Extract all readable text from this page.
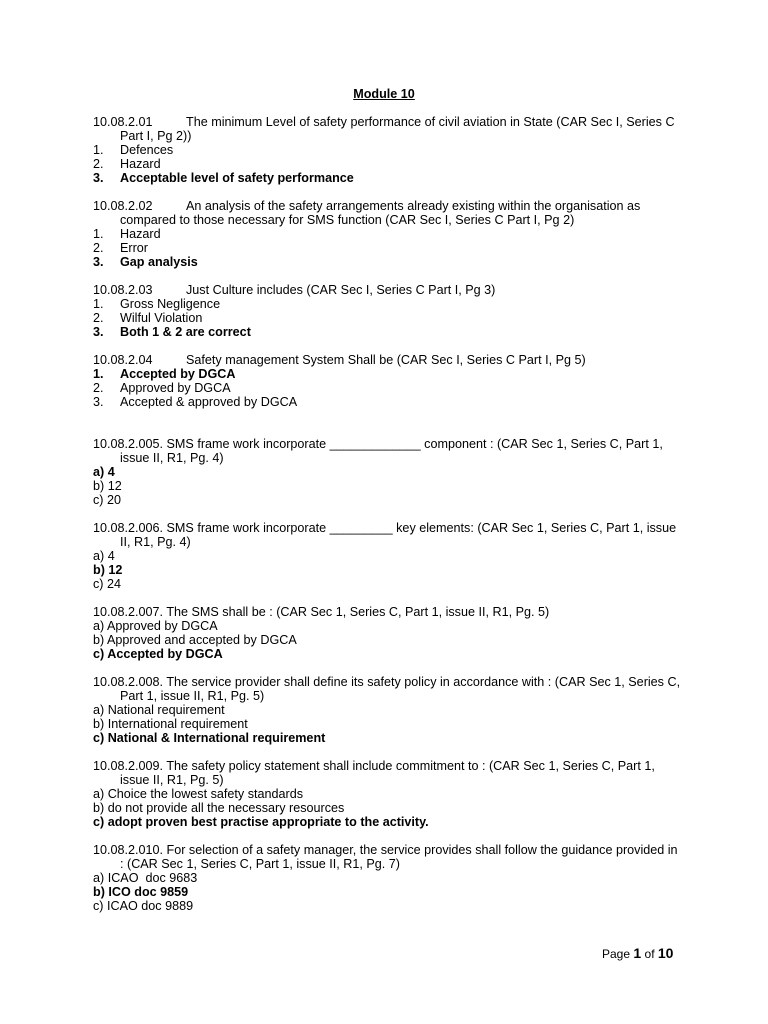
Module 10
10.08.2.01	The minimum Level of safety performance of civil aviation in State (CAR Sec I, Series C Part I, Pg 2))
1. Defences
2. Hazard
3. Acceptable level of safety performance
10.08.2.02	An analysis of the safety arrangements already existing within the organisation as compared to those necessary for SMS function (CAR Sec I, Series C Part I, Pg 2)
1. Hazard
2. Error
3. Gap analysis
10.08.2.03	Just Culture includes (CAR Sec I, Series C Part I, Pg 3)
1. Gross Negligence
2. Wilful Violation
3. Both 1 & 2 are correct
10.08.2.04	Safety management System Shall be (CAR Sec I, Series C Part I, Pg 5)
1. Accepted by DGCA
2. Approved by DGCA
3. Accepted & approved by DGCA
10.08.2.005. SMS frame work incorporate _____________ component : (CAR Sec 1, Series C, Part 1, issue II, R1, Pg. 4)
a) 4
b) 12
c) 20
10.08.2.006. SMS frame work incorporate _________ key elements: (CAR Sec 1, Series C, Part 1, issue II, R1, Pg. 4)
a) 4
b) 12
c) 24
10.08.2.007. The SMS shall be : (CAR Sec 1, Series C, Part 1, issue II, R1, Pg. 5)
a) Approved by DGCA
b) Approved and accepted by DGCA
c) Accepted by DGCA
10.08.2.008. The service provider shall define its safety policy in accordance with : (CAR Sec 1, Series C, Part 1, issue II, R1, Pg. 5)
a) National requirement
b) International requirement
c) National & International requirement
10.08.2.009. The safety policy statement shall include commitment to : (CAR Sec 1, Series C, Part 1, issue II, R1, Pg. 5)
a) Choice the lowest safety standards
b) do not provide all the necessary resources
c) adopt proven best practise appropriate to the activity.
10.08.2.010. For selection of a safety manager, the service provides shall follow the guidance provided in : (CAR Sec 1, Series C, Part 1, issue II, R1, Pg. 7)
a) ICAO  doc 9683
b) ICO doc 9859
c) ICAO doc 9889
Page 1 of 10
